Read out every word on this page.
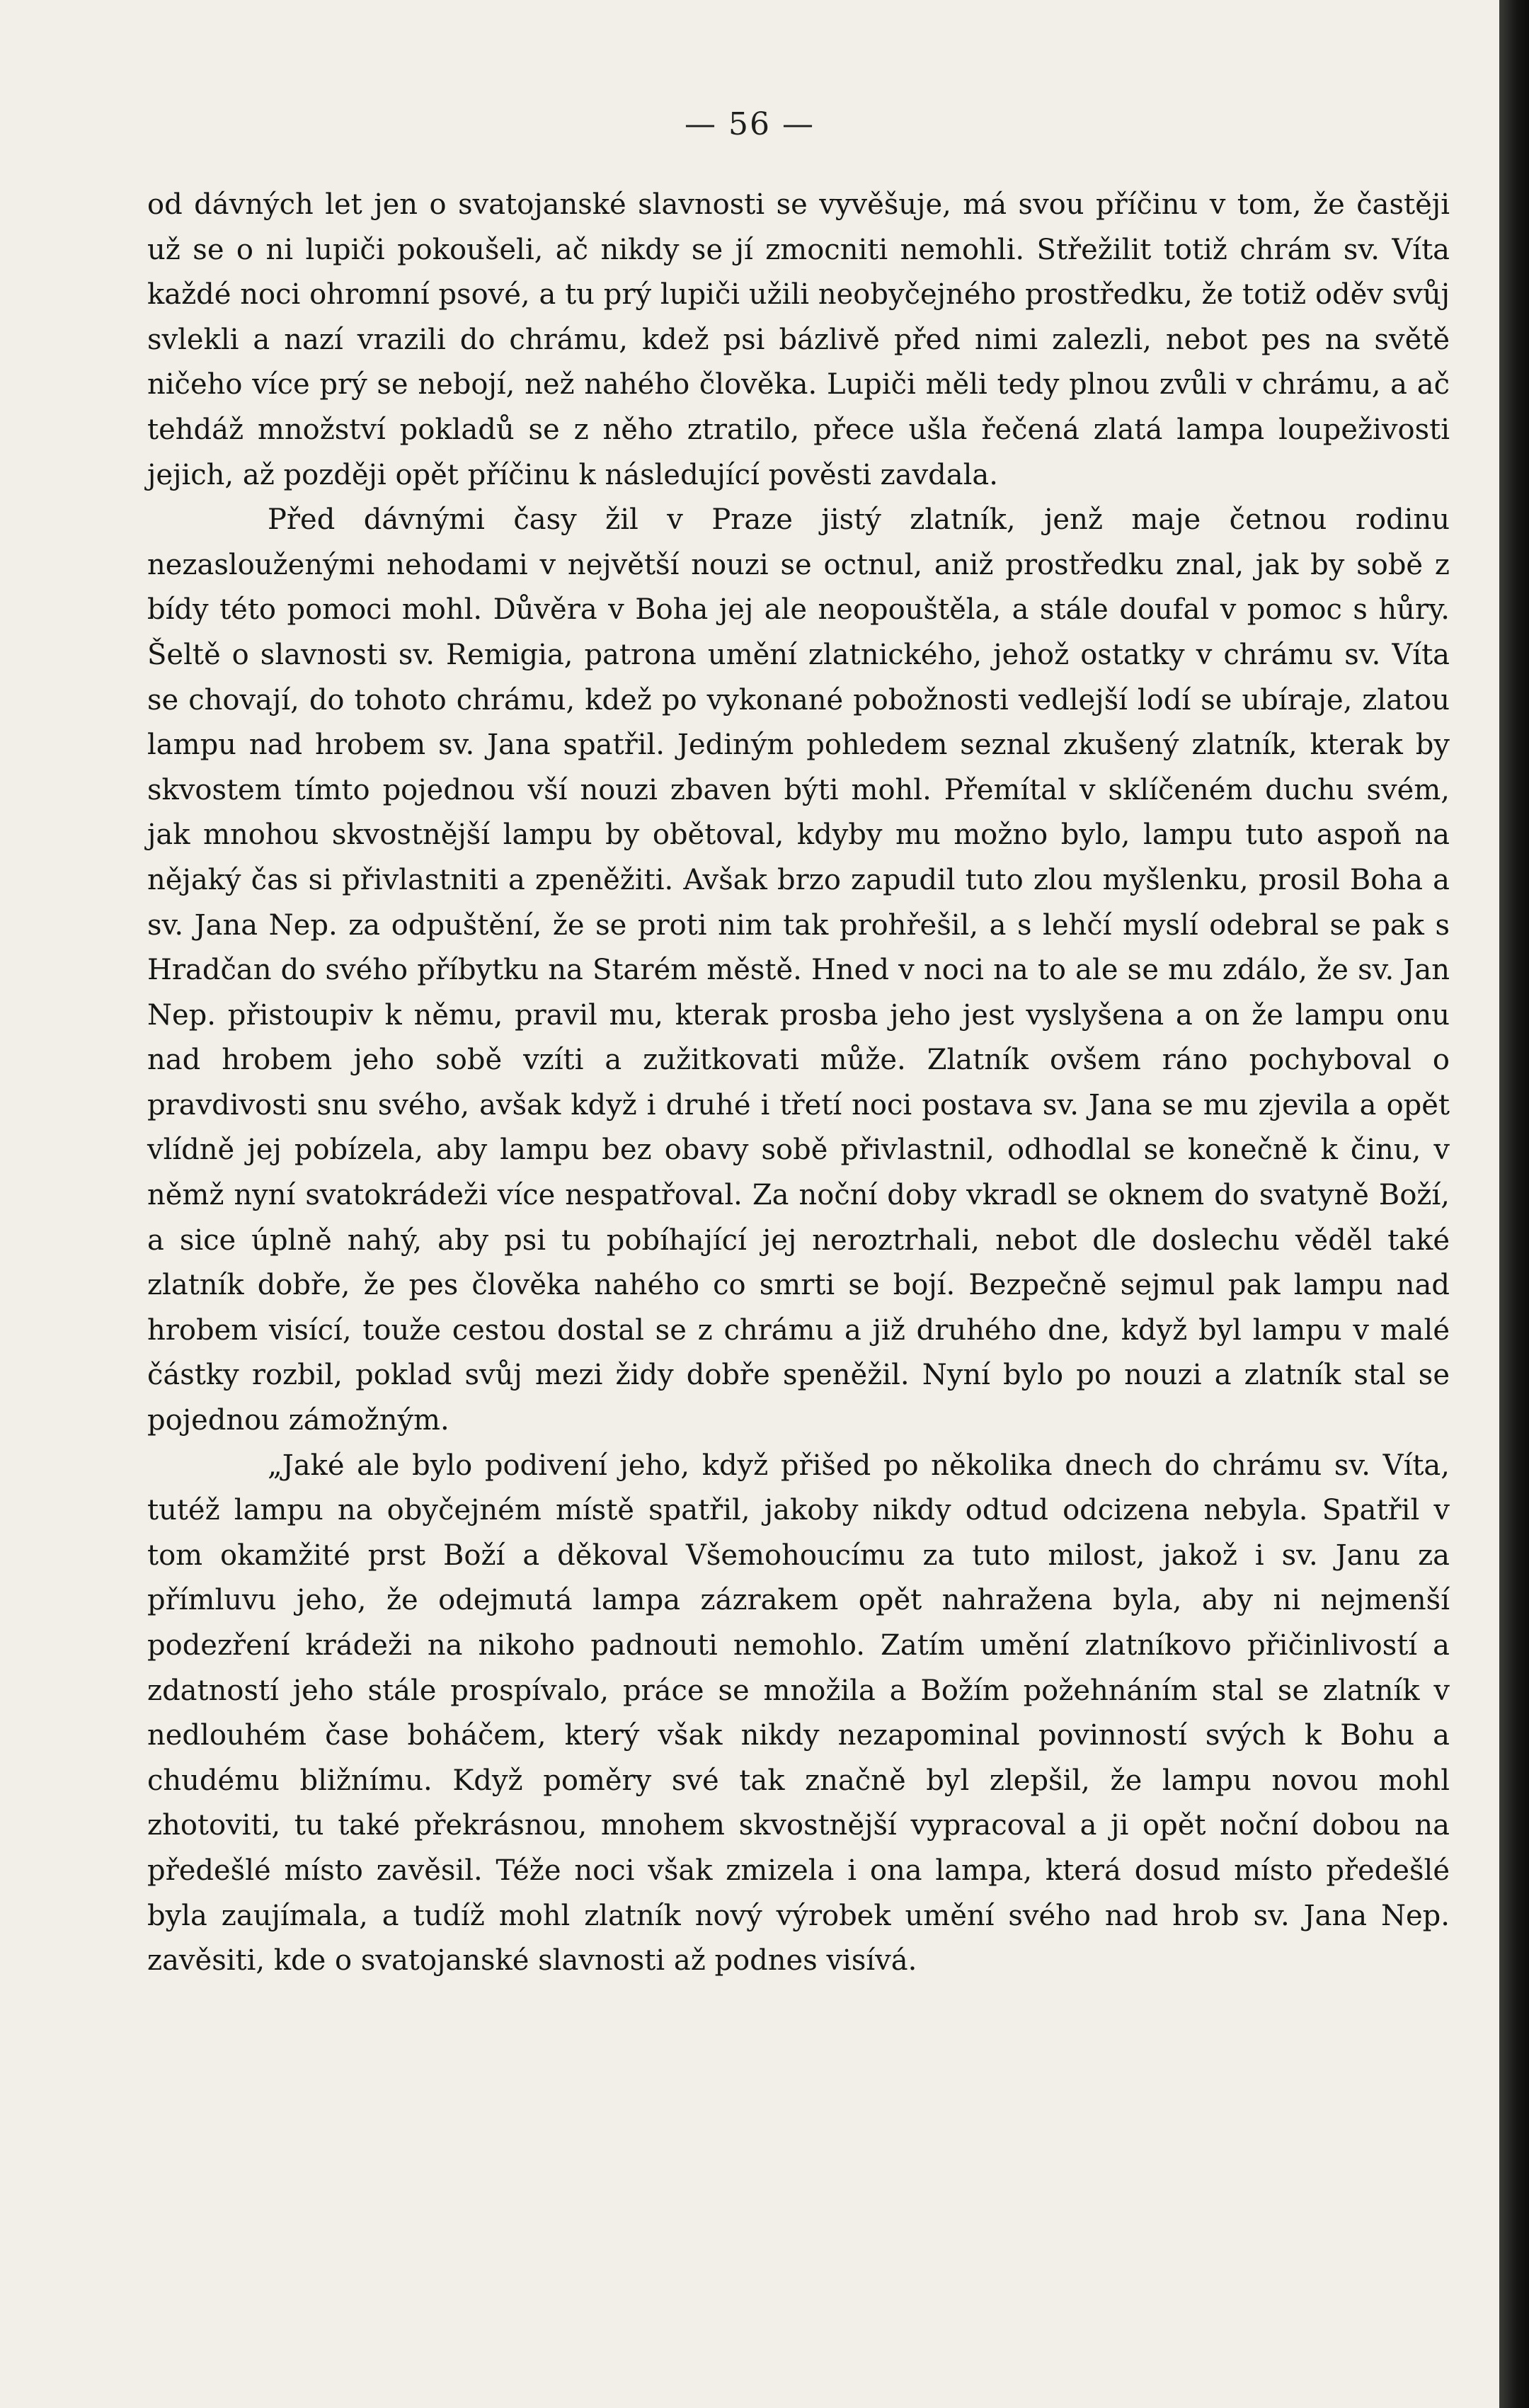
— 56 —

od dávných let jen o svatojanské slavnosti se vyvěšuje, má svou příčinu v tom, že častěji už se o ni lupiči pokoušeli, ač nikdy se jí zmocniti nemohli. Střežilit totiž chrám sv. Víta každé noci ohromní psové, a tu prý lupiči užili neobyčejného prostředku, že totiž oděv svůj svlekli a nazí vrazili do chrámu, kdež psi bázlivě před nimi zalezli, nebot pes na světě ničeho více prý se nebojí, než nahého člověka. Lupiči měli tedy plnou zvůli v chrámu, a ač tehdáž množství pokladů se z něho ztratilo, přece ušla řečená zlatá lampa loupeživosti jejich, až později opět příčinu k následující pověsti zavdala.

Před dávnými časy žil v Praze jistý zlatník, jenž maje četnou rodinu nezaslouženými nehodami v největší nouzi se octnul, aniž prostředku znal, jak by sobě z bídy této pomoci mohl. Důvěra v Boha jej ale neopouštěla, a stále doufal v pomoc s hůry. Šeltě o slavnosti sv. Remigia, patrona umění zlatnického, jehož ostatky v chrámu sv. Víta se chovají, do tohoto chrámu, kdež po vykonané pobožnosti vedlejší lodí se ubíraje, zlatou lampu nad hrobem sv. Jana spatřil. Jediným pohledem seznal zkušený zlatník, kterak by skvostem tímto pojednou vší nouzi zbaven býti mohl. Přemítal v sklíčeném duchu svém, jak mnohou skvostnější lampu by obětoval, kdyby mu možno bylo, lampu tuto aspoň na nějaký čas si přivlastniti a zpeněžiti. Avšak brzo zapudil tuto zlou myšlenku, prosil Boha a sv. Jana Nep. za odpuštění, že se proti nim tak prohřešil, a s lehčí myslí odebral se pak s Hradčan do svého příbytku na Starém městě. Hned v noci na to ale se mu zdálo, že sv. Jan Nep. přistoupiv k němu, pravil mu, kterak prosba jeho jest vyslyšena a on že lampu onu nad hrobem jeho sobě vzíti a zužitkovati může. Zlatník ovšem ráno pochyboval o pravdivosti snu svého, avšak když i druhé i třetí noci postava sv. Jana se mu zjevila a opět vlídně jej pobízela, aby lampu bez obavy sobě přivlastnil, odhodlal se konečně k činu, v němž nyní svatokrádeži více nespatřoval. Za noční doby vkradl se oknem do svatyně Boží, a sice úplně nahý, aby psi tu pobíhající jej neroztrhali, nebot dle doslechu věděl také zlatník dobře, že pes člověka nahého co smrti se bojí. Bezpečně sejmul pak lampu nad hrobem visící, touže cestou dostal se z chrámu a již druhého dne, když byl lampu v malé částky rozbil, poklad svůj mezi židy dobře speněžil. Nyní bylo po nouzi a zlatník stal se pojednou zámožným.

„Jaké ale bylo podivení jeho, když přišed po několika dnech do chrámu sv. Víta, tutéž lampu na obyčejném místě spatřil, jakoby nikdy odtud odcizena nebyla. Spatřil v tom okamžité prst Boží a děkoval Všemohoucímu za tuto milost, jakož i sv. Janu za přímluvu jeho, že odejmutá lampa zázrakem opět nahražena byla, aby ni nejmenší podezření krádeži na nikoho padnouti nemohlo. Zatím umění zlatníkovo přičinlivostí a zdatností jeho stále prospívalo, práce se množila a Božím požehnáním stal se zlatník v nedlouhém čase boháčem, který však nikdy nezapominal povinností svých k Bohu a chudému bližnímu. Když poměry své tak značně byl zlepšil, že lampu novou mohl zhotoviti, tu také překrásnou, mnohem skvostnější vypracoval a ji opět noční dobou na předešlé místo zavěsil. Téže noci však zmizela i ona lampa, která dosud místo předešlé byla zaujímala, a tudíž mohl zlatník nový výrobek umění svého nad hrob sv. Jana Nep. zavěsiti, kde o svatojanské slavnosti až podnes visívá.
